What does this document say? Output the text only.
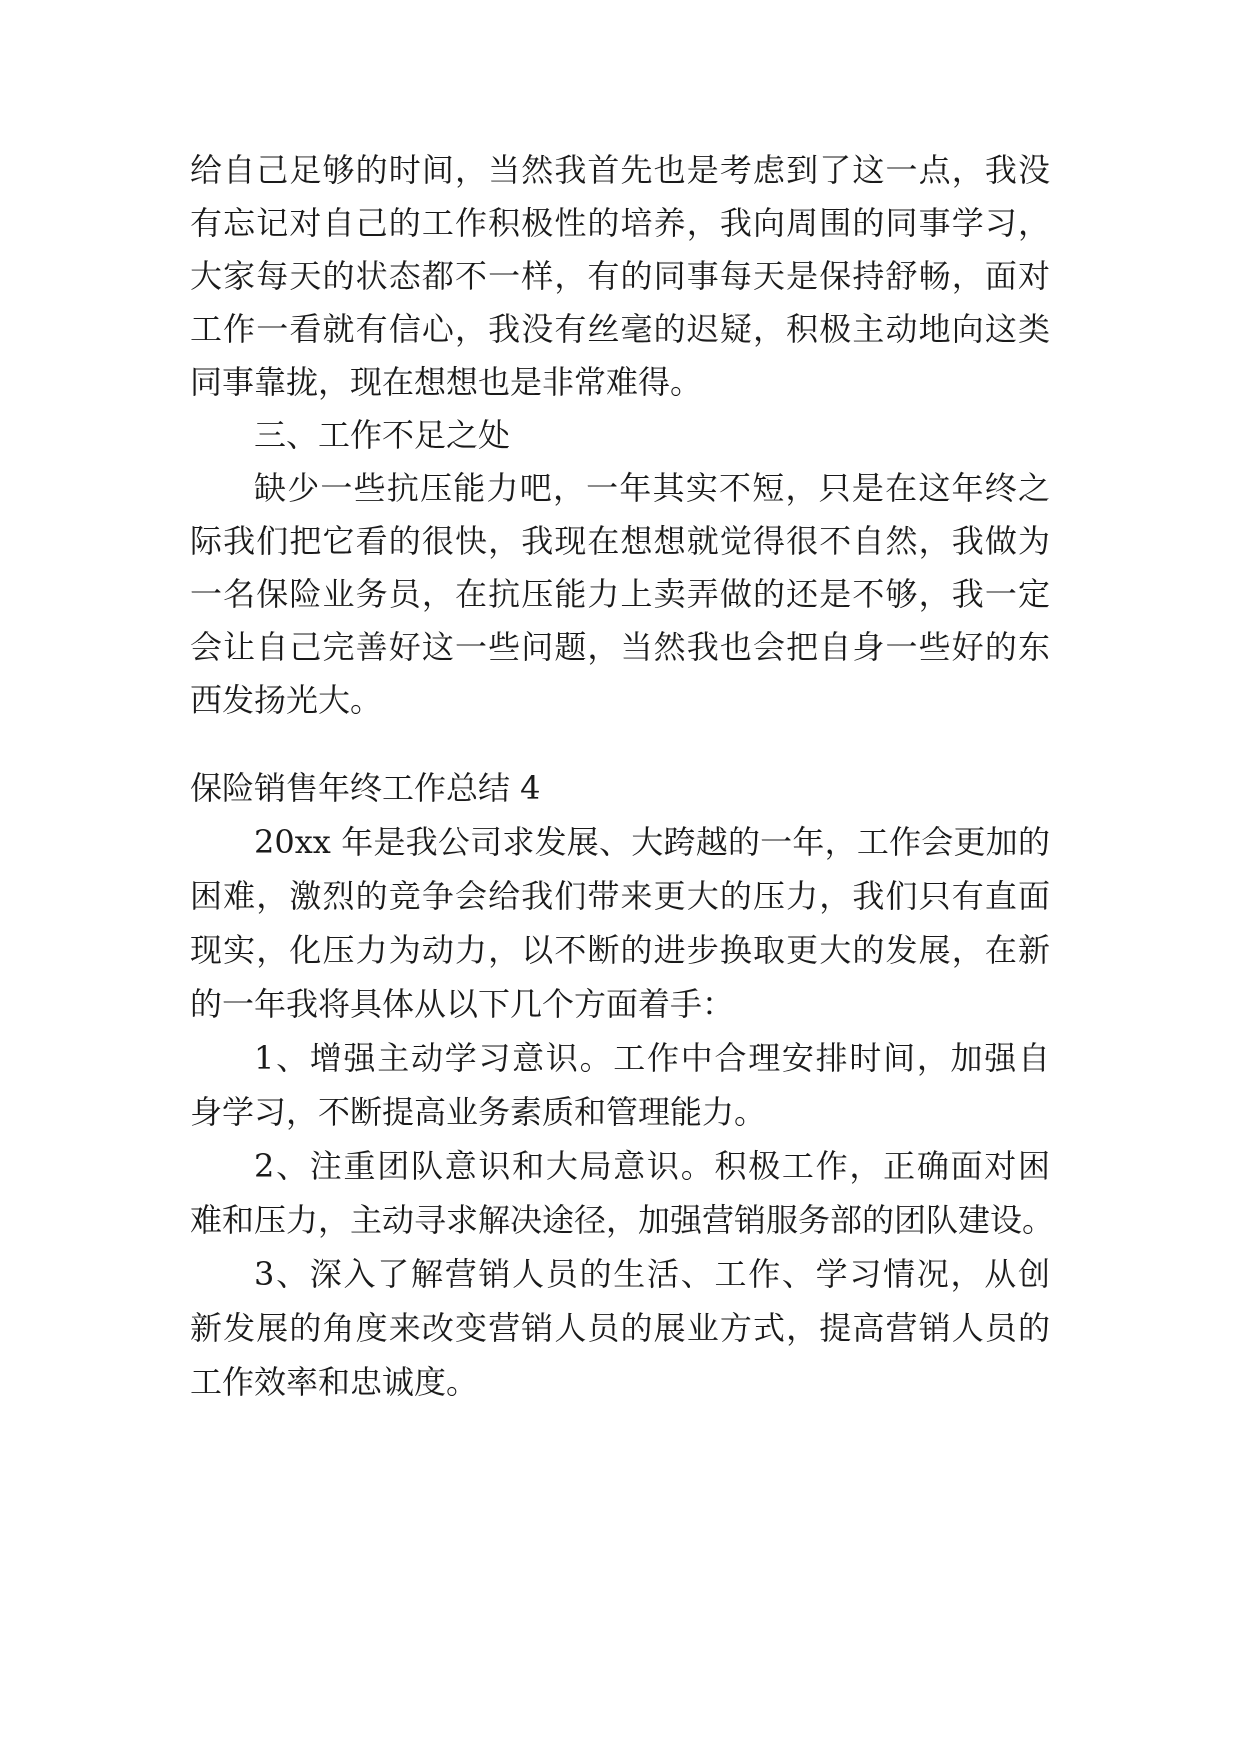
给自己足够的时间，当然我首先也是考虑到了这一点，我没
有忘记对自己的工作积极性的培养，我向周围的同事学习，
大家每天的状态都不一样，有的同事每天是保持舒畅，面对
工作一看就有信心，我没有丝毫的迟疑，积极主动地向这类
同事靠拢，现在想想也是非常难得。
三、工作不足之处
缺少一些抗压能力吧，一年其实不短，只是在这年终之
际我们把它看的很快，我现在想想就觉得很不自然，我做为
一名保险业务员，在抗压能力上卖弄做的还是不够，我一定
会让自己完善好这一些问题，当然我也会把自身一些好的东
西发扬光大。
保险销售年终工作总结 4
20xx 年是我公司求发展、大跨越的一年，工作会更加的
困难，激烈的竞争会给我们带来更大的压力，我们只有直面
现实，化压力为动力，以不断的进步换取更大的发展，在新
的一年我将具体从以下几个方面着手：
1、增强主动学习意识。工作中合理安排时间，加强自
身学习，不断提高业务素质和管理能力。
2、注重团队意识和大局意识。积极工作，正确面对困
难和压力，主动寻求解决途径，加强营销服务部的团队建设。
3、深入了解营销人员的生活、工作、学习情况，从创
新发展的角度来改变营销人员的展业方式，提高营销人员的
工作效率和忠诚度。
